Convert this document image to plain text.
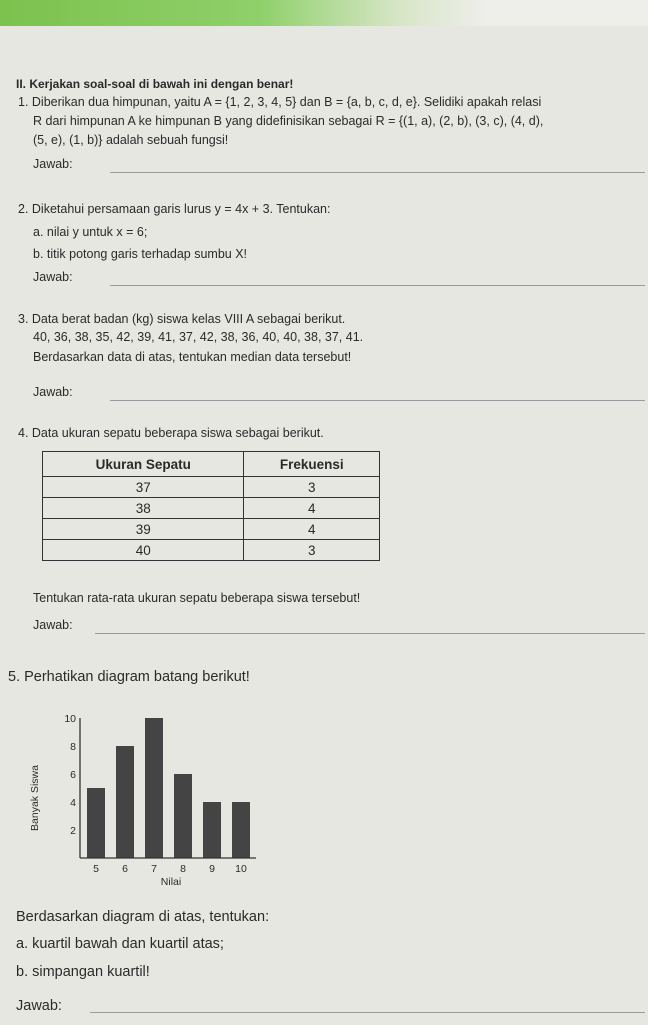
II. Kerjakan soal-soal di bawah ini dengan benar!
1. Diberikan dua himpunan, yaitu A = {1, 2, 3, 4, 5} dan B = {a, b, c, d, e}. Selidiki apakah relasi
R dari himpunan A ke himpunan B yang didefinisikan sebagai R = {(1, a), (2, b), (3, c), (4, d),
(5, e), (1, b)} adalah sebuah fungsi!
Jawab:
2. Diketahui persamaan garis lurus y = 4x + 3. Tentukan:
a. nilai y untuk x = 6;
b. titik potong garis terhadap sumbu X!
Jawab:
3. Data berat badan (kg) siswa kelas VIII A sebagai berikut.
40, 36, 38, 35, 42, 39, 41, 37, 42, 38, 36, 40, 40, 38, 37, 41.
Berdasarkan data di atas, tentukan median data tersebut!
Jawab:
4. Data ukuran sepatu beberapa siswa sebagai berikut.
Ukuran Sepatu	Frekuensi
37	3
38	4
39	4
40	3
Tentukan rata-rata ukuran sepatu beberapa siswa tersebut!
Jawab:
5. Perhatikan diagram batang berikut!
5 6 7 8 9 10
2
4
6
8
10
Banyak Siswa
Nilai
Berdasarkan diagram di atas, tentukan:
a. kuartil bawah dan kuartil atas;
b. simpangan kuartil!
Jawab:
